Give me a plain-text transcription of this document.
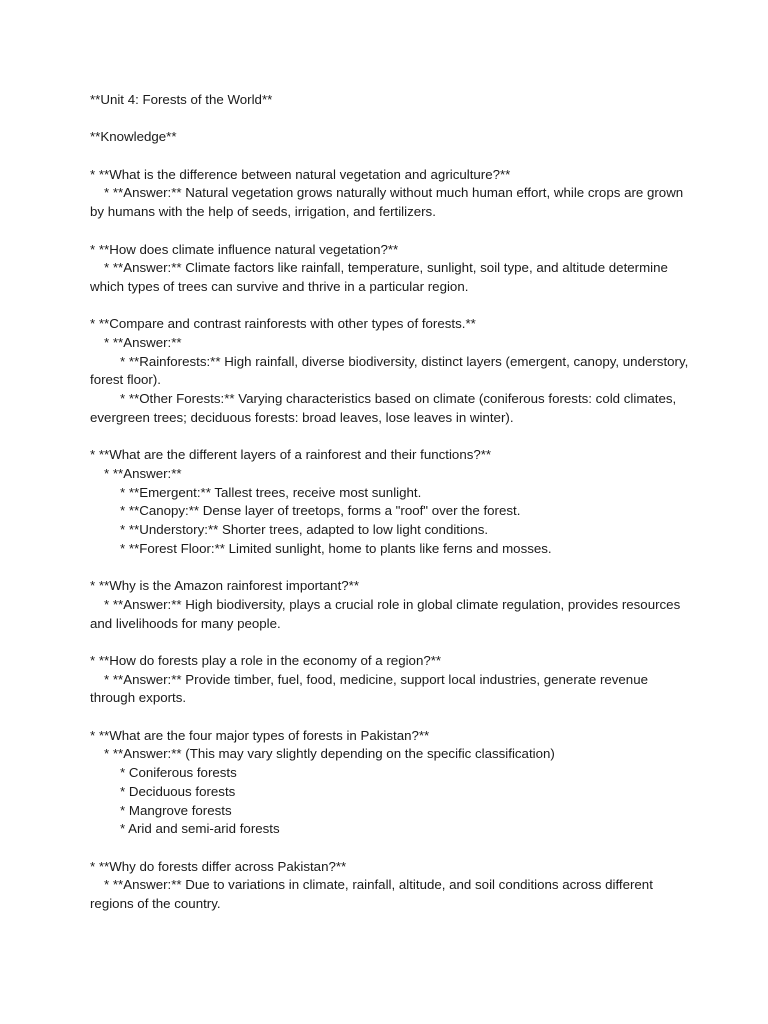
**Unit 4: Forests of the World**

**Knowledge**

* **What is the difference between natural vegetation and agriculture?**

* **Answer:** Natural vegetation grows naturally without much human effort, while crops are grown by humans with the help of seeds, irrigation, and fertilizers.

* **How does climate influence natural vegetation?**

* **Answer:** Climate factors like rainfall, temperature, sunlight, soil type, and altitude determine which types of trees can survive and thrive in a particular region.

* **Compare and contrast rainforests with other types of forests.**

* **Answer:**

* **Rainforests:** High rainfall, diverse biodiversity, distinct layers (emergent, canopy, understory, forest floor).

* **Other Forests:** Varying characteristics based on climate (coniferous forests: cold climates, evergreen trees; deciduous forests: broad leaves, lose leaves in winter).

* **What are the different layers of a rainforest and their functions?**

* **Answer:**

* **Emergent:** Tallest trees, receive most sunlight.

* **Canopy:** Dense layer of treetops, forms a "roof" over the forest.

* **Understory:** Shorter trees, adapted to low light conditions.

* **Forest Floor:** Limited sunlight, home to plants like ferns and mosses.

* **Why is the Amazon rainforest important?**

* **Answer:** High biodiversity, plays a crucial role in global climate regulation, provides resources and livelihoods for many people.

* **How do forests play a role in the economy of a region?**

* **Answer:** Provide timber, fuel, food, medicine, support local industries, generate revenue through exports.

* **What are the four major types of forests in Pakistan?**

* **Answer:** (This may vary slightly depending on the specific classification)

* Coniferous forests

* Deciduous forests

* Mangrove forests

* Arid and semi-arid forests

* **Why do forests differ across Pakistan?**

* **Answer:** Due to variations in climate, rainfall, altitude, and soil conditions across different regions of the country.
